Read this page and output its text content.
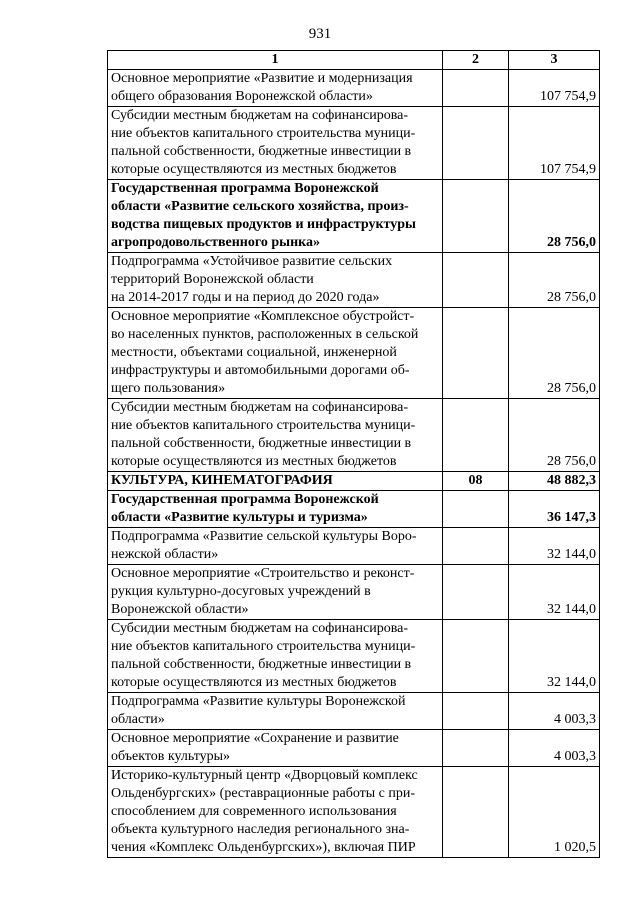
931
1	2	3

Основное мероприятие «Развитие и модернизация
общего образования Воронежской области»		107 754,9

Субсидии местным бюджетам на софинансирова-
ние объектов капитального строительства муници-
пальной собственности, бюджетные инвестиции в
которые осуществляются из местных бюджетов		107 754,9

Государственная программа Воронежской
области «Развитие сельского хозяйства, произ-
водства пищевых продуктов и инфраструктуры
агропродовольственного рынка»		28 756,0

Подпрограмма «Устойчивое развитие сельских
территорий Воронежской области
на 2014-2017 годы и на период до 2020 года»		28 756,0

Основное мероприятие «Комплексное обустройст-
во населенных пунктов, расположенных в сельской
местности, объектами социальной, инженерной
инфраструктуры и автомобильными дорогами об-
щего пользования»		28 756,0

Субсидии местным бюджетам на софинансирова-
ние объектов капитального строительства муници-
пальной собственности, бюджетные инвестиции в
которые осуществляются из местных бюджетов		28 756,0

КУЛЬТУРА, КИНЕМАТОГРАФИЯ	08	48 882,3

Государственная программа Воронежской
области «Развитие культуры и туризма»		36 147,3

Подпрограмма «Развитие сельской культуры Воро-
нежской области»		32 144,0

Основное мероприятие «Строительство и реконст-
рукция культурно-досуговых учреждений в
Воронежской области»		32 144,0

Субсидии местным бюджетам на софинансирова-
ние объектов капитального строительства муници-
пальной собственности, бюджетные инвестиции в
которые осуществляются из местных бюджетов		32 144,0

Подпрограмма «Развитие культуры Воронежской
области»		4 003,3

Основное мероприятие «Сохранение и развитие
объектов культуры»		4 003,3

Историко-культурный центр «Дворцовый комплекс
Ольденбургских» (реставрационные работы с при-
способлением для современного использования
объекта культурного наследия регионального зна-
чения «Комплекс Ольденбургских»), включая ПИР		1 020,5
